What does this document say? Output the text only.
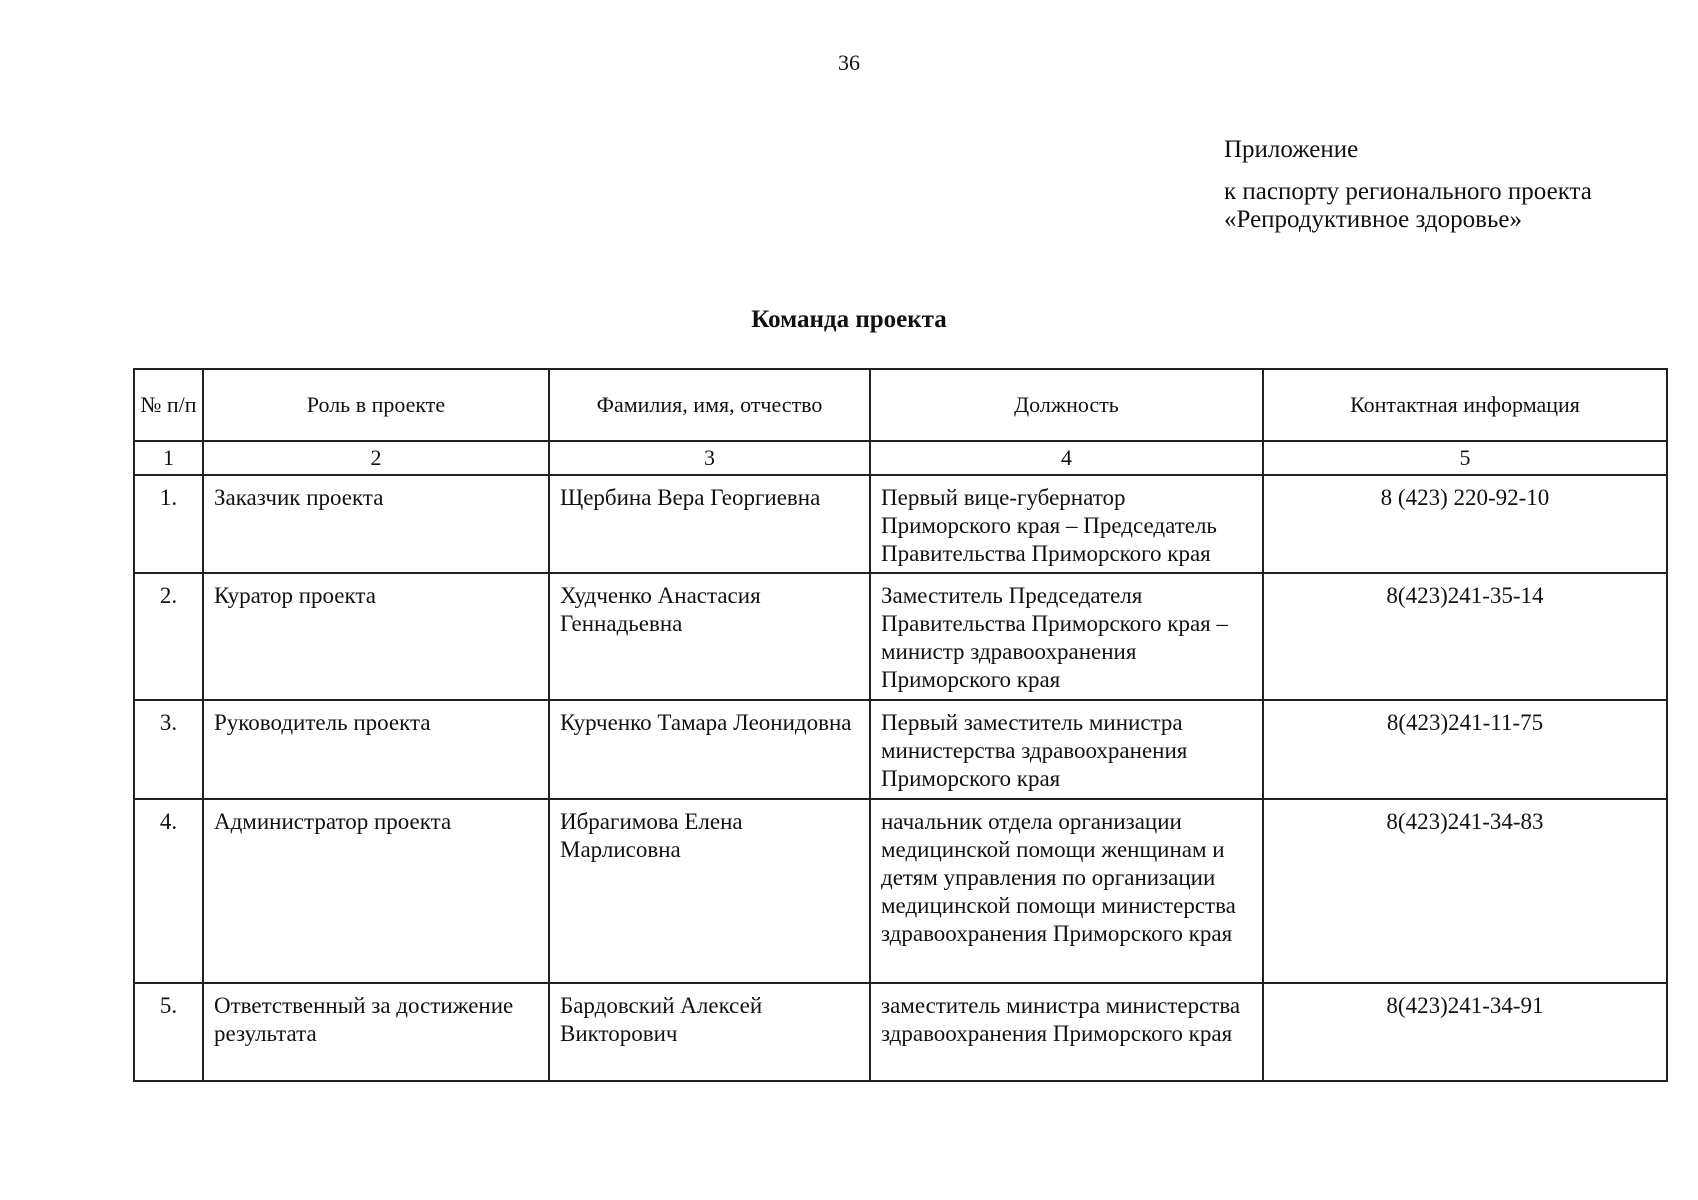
36
Приложение
к паспорту регионального проекта
«Репродуктивное здоровье»
Команда проекта
№ п/п	Роль в проекте	Фамилия, имя, отчество	Должность	Контактная информация
1	2	3	4	5
1.	Заказчик проекта	Щербина Вера Георгиевна	Первый вице-губернатор Приморского края – Председатель Правительства Приморского края	8 (423) 220-92-10
2.	Куратор проекта	Худченко Анастасия Геннадьевна	Заместитель Председателя Правительства Приморского края – министр здравоохранения Приморского края	8(423)241-35-14
3.	Руководитель проекта	Курченко Тамара Леонидовна	Первый заместитель министра министерства здравоохранения Приморского края	8(423)241-11-75
4.	Администратор проекта	Ибрагимова Елена Марлисовна	начальник отдела организации медицинской помощи женщинам и детям управления по организации медицинской помощи министерства здравоохранения Приморского края	8(423)241-34-83
5.	Ответственный за достижение результата	Бардовский Алексей Викторович	заместитель министра министерства здравоохранения Приморского края	8(423)241-34-91
